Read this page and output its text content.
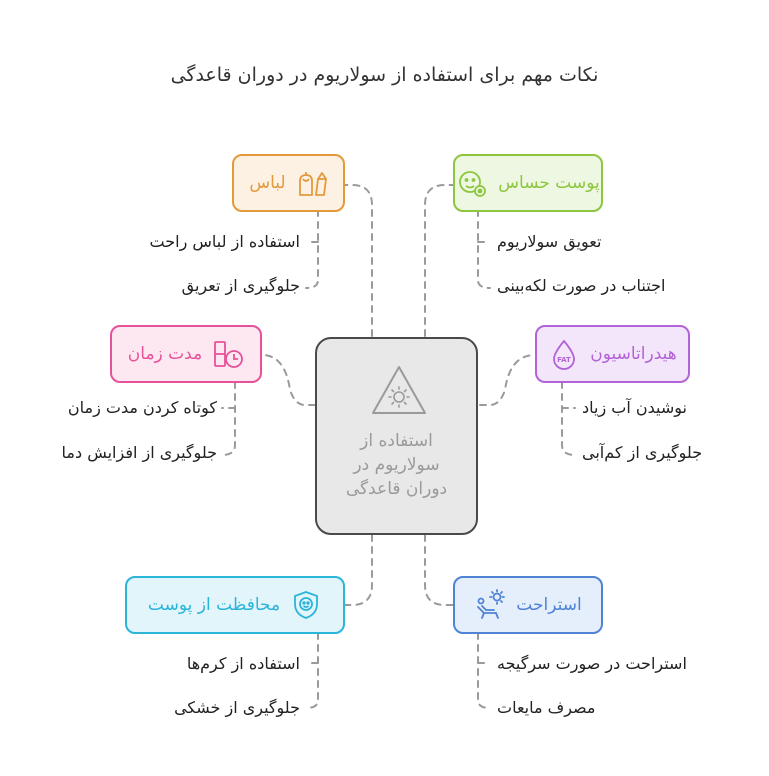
نکات مهم برای استفاده از سولاریوم در دوران قاعدگی
استفاده از
سولاریوم در
دوران قاعدگی
لباس
استفاده از لباس راحت
جلوگیری از تعریق
پوست حساس
تعویق سولاریوم
اجتناب در صورت لکه‌بینی
مدت زمان
کوتاه کردن مدت زمان
جلوگیری از افزایش دما
FAT هیدراتاسیون
نوشیدن آب زیاد
جلوگیری از کم‌آبی
محافظت از پوست
استفاده از کرم‌ها
جلوگیری از خشکی
استراحت
استراحت در صورت سرگیجه
مصرف مایعات
